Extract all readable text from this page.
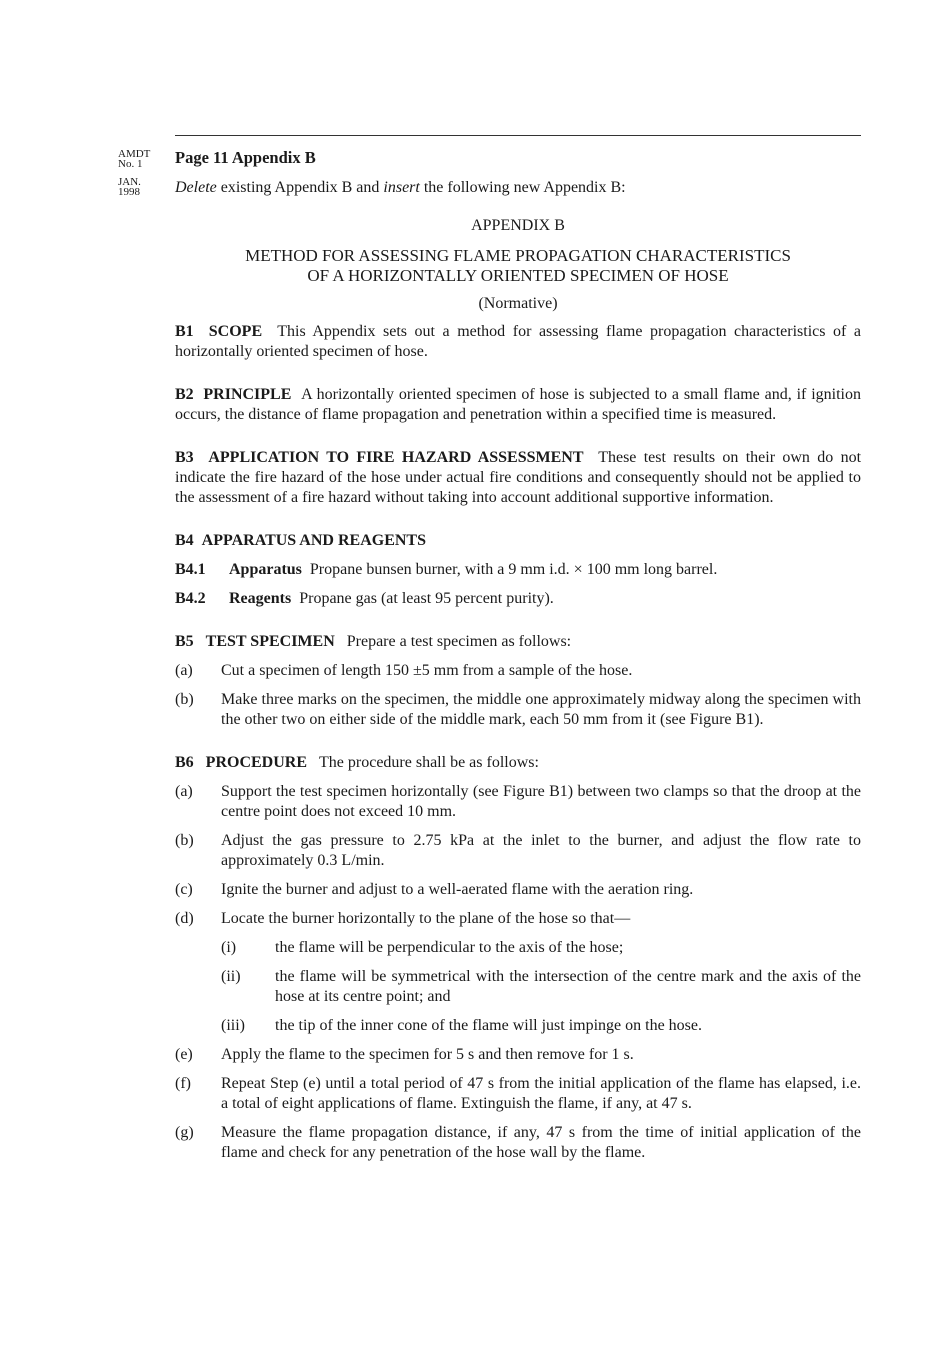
AMDT
No. 1
JAN.
1998

Page 11 Appendix B

Delete existing Appendix B and insert the following new Appendix B:

APPENDIX B

METHOD FOR ASSESSING FLAME PROPAGATION CHARACTERISTICS

OF A HORIZONTALLY ORIENTED SPECIMEN OF HOSE

(Normative)

B1 SCOPE This Appendix sets out a method for assessing flame propagation characteristics of a horizontally oriented specimen of hose.

B2 PRINCIPLE A horizontally oriented specimen of hose is subjected to a small flame and, if ignition occurs, the distance of flame propagation and penetration within a specified time is measured.

B3 APPLICATION TO FIRE HAZARD ASSESSMENT These test results on their own do not indicate the fire hazard of the hose under actual fire conditions and consequently should not be applied to the assessment of a fire hazard without taking into account additional supportive information.

B4 APPARATUS AND REAGENTS

B4.1 Apparatus Propane bunsen burner, with a 9 mm i.d. × 100 mm long barrel.

B4.2 Reagents Propane gas (at least 95 percent purity).

B5 TEST SPECIMEN Prepare a test specimen as follows:

(a)	Cut a specimen of length 150 ±5 mm from a sample of the hose.
(b)	Make three marks on the specimen, the middle one approximately midway along the specimen with the other two on either side of the middle mark, each 50 mm from it (see Figure B1).

B6 PROCEDURE The procedure shall be as follows:

(a)	Support the test specimen horizontally (see Figure B1) between two clamps so that the droop at the centre point does not exceed 10 mm.
(b)	Adjust the gas pressure to 2.75 kPa at the inlet to the burner, and adjust the flow rate to approximately 0.3 L/min.
(c)	Ignite the burner and adjust to a well-aerated flame with the aeration ring.
(d)	Locate the burner horizontally to the plane of the hose so that—
(i)	the flame will be perpendicular to the axis of the hose;
(ii)	the flame will be symmetrical with the intersection of the centre mark and the axis of the hose at its centre point; and
(iii)	the tip of the inner cone of the flame will just impinge on the hose.
(e)	Apply the flame to the specimen for 5 s and then remove for 1 s.
(f)	Repeat Step (e) until a total period of 47 s from the initial application of the flame has elapsed, i.e. a total of eight applications of flame. Extinguish the flame, if any, at 47 s.
(g)	Measure the flame propagation distance, if any, 47 s from the time of initial application of the flame and check for any penetration of the hose wall by the flame.
